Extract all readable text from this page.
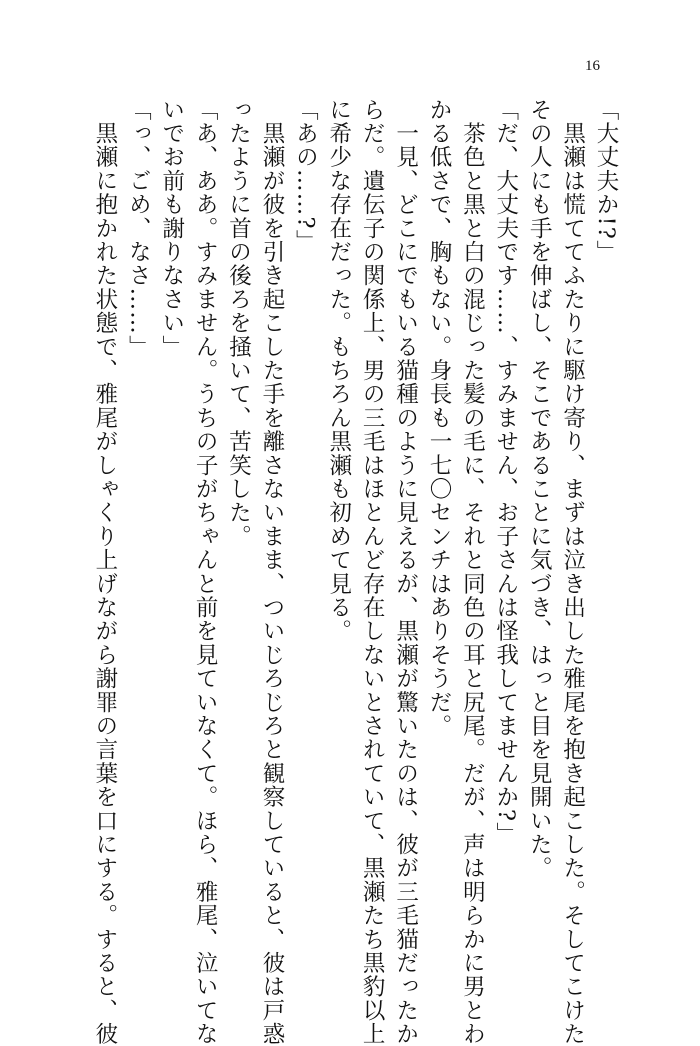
16
「大丈夫か!?」
　黒瀬は慌ててふたりに駆け寄り、まずは泣き出した雅尾を抱き起こした。そしてこけた
その人にも手を伸ばし、そこであることに気づき、はっと目を見開いた。
「だ、大丈夫です……、すみません、お子さんは怪我してませんか?」
　茶色と黒と白の混じった髪の毛に、それと同色の耳と尻尾。だが、声は明らかに男とわ
かる低さで、胸もない。身長も一七〇センチはありそうだ。
　一見、どこにでもいる猫種のように見えるが、黒瀬が驚いたのは、彼が三毛猫だったか
らだ。遺伝子の関係上、男の三毛はほとんど存在しないとされていて、黒瀬たち黒豹以上
に希少な存在だった。もちろん黒瀬も初めて見る。
「あの……?」
　黒瀬が彼を引き起こした手を離さないまま、ついじろじろと観察していると、彼は戸惑
ったように首の後ろを掻いて、苦笑した。
「あ、ああ。すみません。うちの子がちゃんと前を見ていなくて。ほら、雅尾、泣いてな
いでお前も謝りなさい」
「っ、ごめ、なさ……」
　黒瀬に抱かれた状態で、雅尾がしゃくり上げながら謝罪の言葉を口にする。すると、彼
